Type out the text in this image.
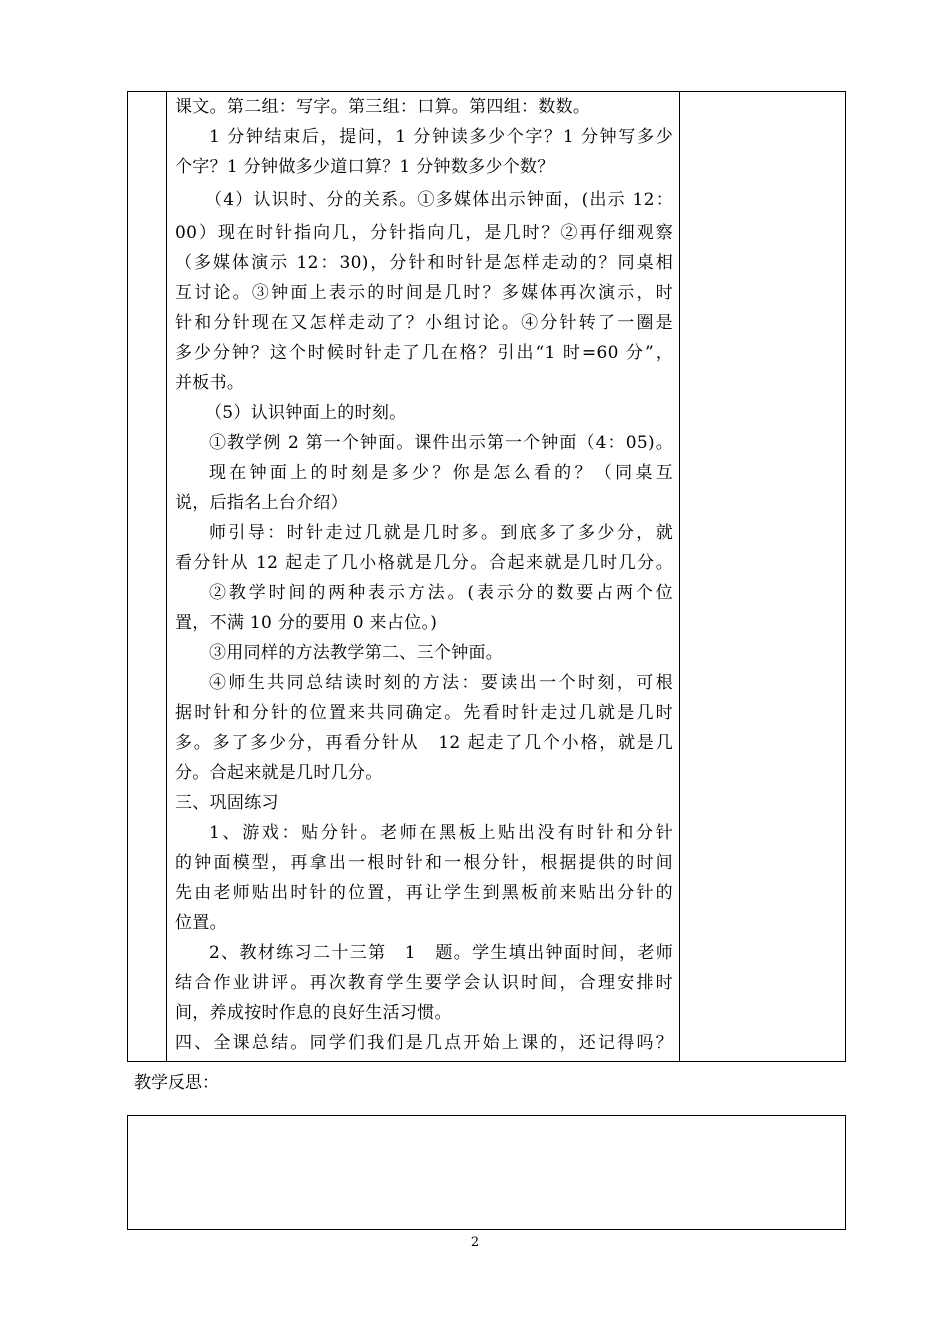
课文。第二组：写字。第三组：口算。第四组：数数。
1 分钟结束后，提问，1 分钟读多少个字？1 分钟写多少
个字？1 分钟做多少道口算？1 分钟数多少个数？
（4）认识时、分的关系。①多媒体出示钟面，(出示 12：
00）现在时针指向几，分针指向几，是几时？②再仔细观察
（多媒体演示 12：30)，分针和时针是怎样走动的？同桌相
互讨论。③钟面上表示的时间是几时？多媒体再次演示，时
针和分针现在又怎样走动了？小组讨论。④分针转了一圈是
多少分钟？这个时候时针走了几在格？引出“1 时=60 分”，
并板书。
（5）认识钟面上的时刻。
①教学例 2 第一个钟面。课件出示第一个钟面（4：05)。
现在钟面上的时刻是多少？你是怎么看的？（同桌互
说，后指名上台介绍）
师引导：时针走过几就是几时多。到底多了多少分，就
看分针从 12 起走了几小格就是几分。合起来就是几时几分。
②教学时间的两种表示方法。(表示分的数要占两个位
置，不满 10 分的要用 0 来占位。)
③用同样的方法教学第二、三个钟面。
④师生共同总结读时刻的方法：要读出一个时刻，可根
据时针和分针的位置来共同确定。先看时针走过几就是几时
多。多了多少分，再看分针从　12 起走了几个小格，就是几
分。合起来就是几时几分。
三、巩固练习
1、游戏：贴分针。老师在黑板上贴出没有时针和分针
的钟面模型，再拿出一根时针和一根分针，根据提供的时间
先由老师贴出时针的位置，再让学生到黑板前来贴出分针的
位置。
2、教材练习二十三第　1　题。学生填出钟面时间，老师
结合作业讲评。再次教育学生要学会认识时间，合理安排时
间，养成按时作息的良好生活习惯。
四、全课总结。同学们我们是几点开始上课的，还记得吗？
教学反思：
2
